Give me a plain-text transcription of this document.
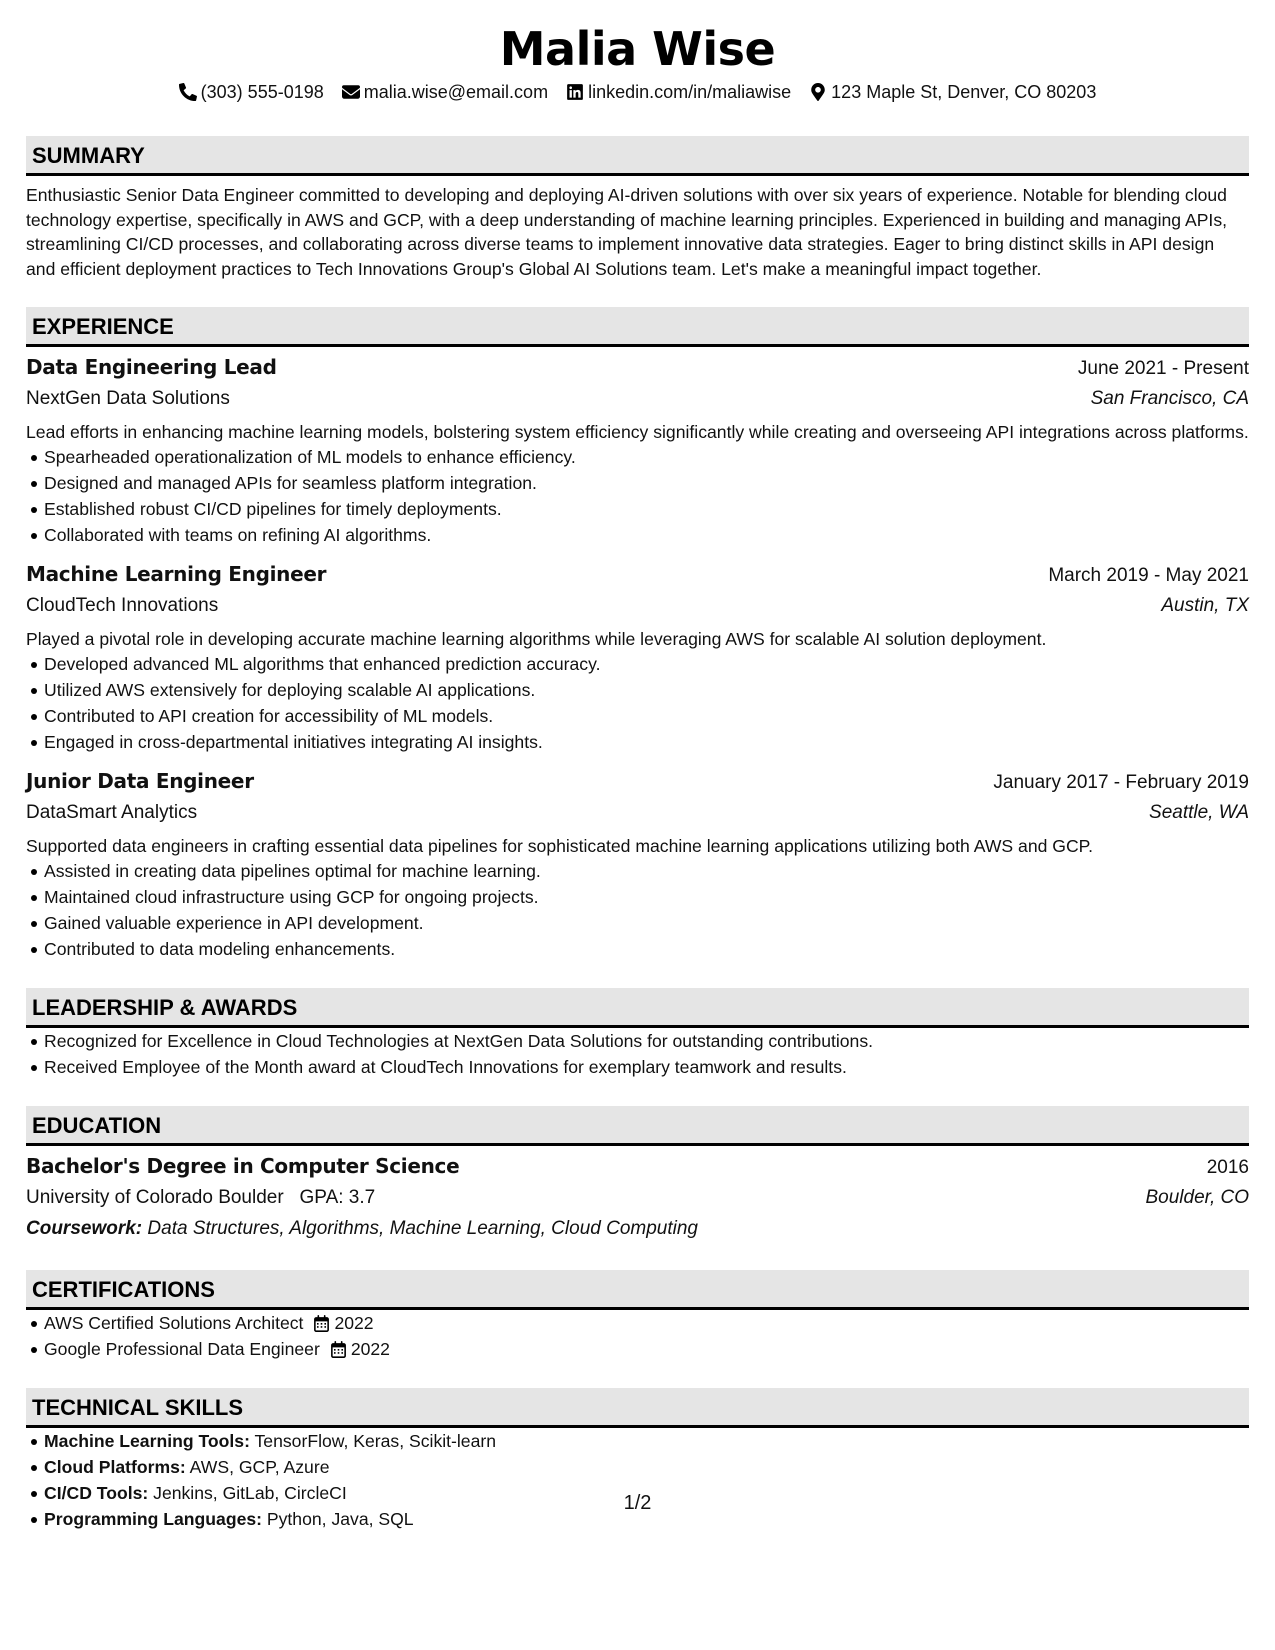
Malia Wise
(303) 555-0198 malia.wise@email.com linkedin.com/in/maliawise 123 Maple St, Denver, CO 80203
SUMMARY
Enthusiastic Senior Data Engineer committed to developing and deploying AI-driven solutions with over six years of experience. Notable for blending cloud technology expertise, specifically in AWS and GCP, with a deep understanding of machine learning principles. Experienced in building and managing APIs, streamlining CI/CD processes, and collaborating across diverse teams to implement innovative data strategies. Eager to bring distinct skills in API design and efficient deployment practices to Tech Innovations Group's Global AI Solutions team. Let's make a meaningful impact together.
EXPERIENCE
Data Engineering Lead	June 2021 - Present
NextGen Data Solutions	San Francisco, CA
Lead efforts in enhancing machine learning models, bolstering system efficiency significantly while creating and overseeing API integrations across platforms.
Spearheaded operationalization of ML models to enhance efficiency.
Designed and managed APIs for seamless platform integration.
Established robust CI/CD pipelines for timely deployments.
Collaborated with teams on refining AI algorithms.
Machine Learning Engineer	March 2019 - May 2021
CloudTech Innovations	Austin, TX
Played a pivotal role in developing accurate machine learning algorithms while leveraging AWS for scalable AI solution deployment.
Developed advanced ML algorithms that enhanced prediction accuracy.
Utilized AWS extensively for deploying scalable AI applications.
Contributed to API creation for accessibility of ML models.
Engaged in cross-departmental initiatives integrating AI insights.
Junior Data Engineer	January 2017 - February 2019
DataSmart Analytics	Seattle, WA
Supported data engineers in crafting essential data pipelines for sophisticated machine learning applications utilizing both AWS and GCP.
Assisted in creating data pipelines optimal for machine learning.
Maintained cloud infrastructure using GCP for ongoing projects.
Gained valuable experience in API development.
Contributed to data modeling enhancements.
LEADERSHIP & AWARDS
Recognized for Excellence in Cloud Technologies at NextGen Data Solutions for outstanding contributions.
Received Employee of the Month award at CloudTech Innovations for exemplary teamwork and results.
EDUCATION
Bachelor's Degree in Computer Science	2016
University of Colorado Boulder GPA: 3.7	Boulder, CO
Coursework: Data Structures, Algorithms, Machine Learning, Cloud Computing
CERTIFICATIONS
AWS Certified Solutions Architect 2022
Google Professional Data Engineer 2022
TECHNICAL SKILLS
Machine Learning Tools: TensorFlow, Keras, Scikit-learn
Cloud Platforms: AWS, GCP, Azure
CI/CD Tools: Jenkins, GitLab, CircleCI
Programming Languages: Python, Java, SQL
1/2
